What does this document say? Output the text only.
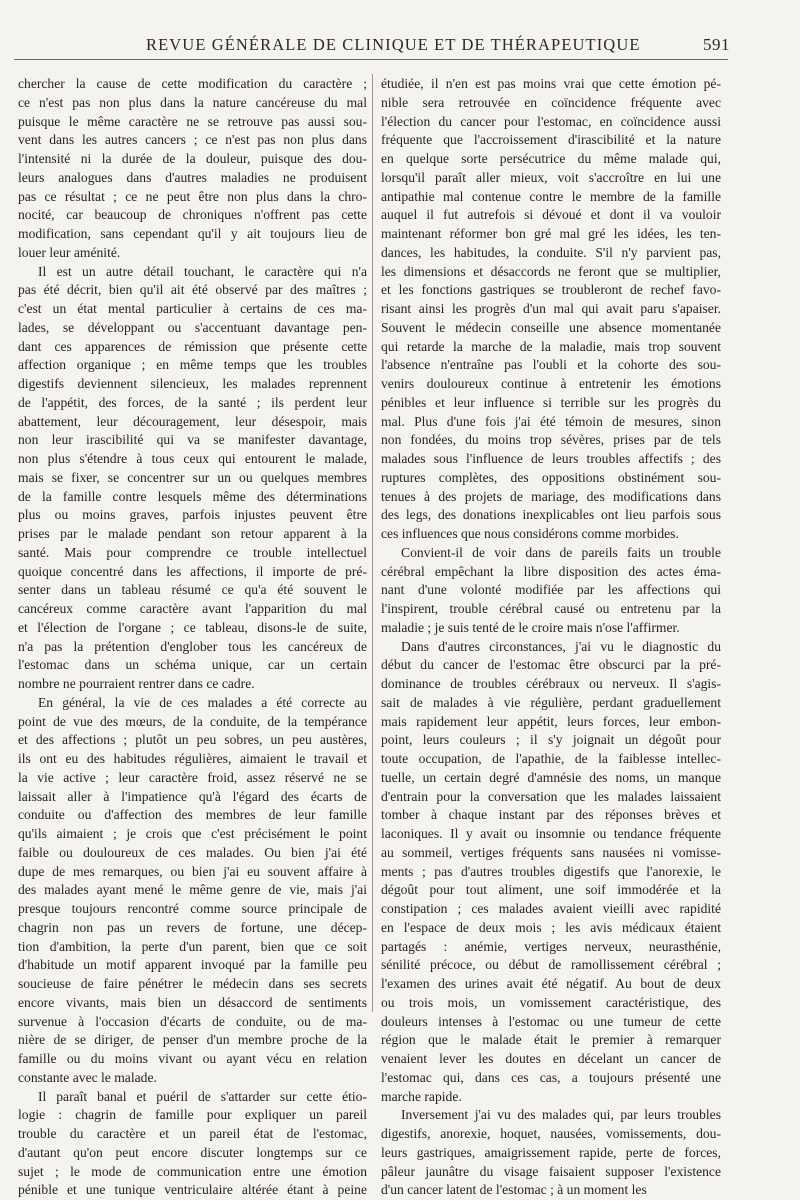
REVUE GÉNÉRALE DE CLINIQUE ET DE THÉRAPEUTIQUE	591
chercher la cause de cette modification du caractère ;
ce n'est pas non plus dans la nature cancéreuse du mal
puisque le même caractère ne se retrouve pas aussi sou-
vent dans les autres cancers ; ce n'est pas non plus dans
l'intensité ni la durée de la douleur, puisque des dou-
leurs analogues dans d'autres maladies ne produisent
pas ce résultat ; ce ne peut être non plus dans la chro-
nocité, car beaucoup de chroniques n'offrent pas cette
modification, sans cependant qu'il y ait toujours lieu de
louer leur aménité.
Il est un autre détail touchant, le caractère qui n'a
pas été décrit, bien qu'il ait été observé par des maîtres ;
c'est un état mental particulier à certains de ces ma-
lades, se développant ou s'accentuant davantage pen-
dant ces apparences de rémission que présente cette
affection organique ; en même temps que les troubles
digestifs deviennent silencieux, les malades reprennent
de l'appétit, des forces, de la santé ; ils perdent leur
abattement, leur découragement, leur désespoir, mais
non leur irascibilité qui va se manifester davantage,
non plus s'étendre à tous ceux qui entourent le malade,
mais se fixer, se concentrer sur un ou quelques membres
de la famille contre lesquels même des déterminations
plus ou moins graves, parfois injustes peuvent être
prises par le malade pendant son retour apparent à la
santé. Mais pour comprendre ce trouble intellectuel
quoique concentré dans les affections, il importe de pré-
senter dans un tableau résumé ce qu'a été souvent le
cancéreux comme caractère avant l'apparition du mal
et l'élection de l'organe ; ce tableau, disons-le de suite,
n'a pas la prétention d'englober tous les cancéreux de
l'estomac dans un schéma unique, car un certain
nombre ne pourraient rentrer dans ce cadre.
En général, la vie de ces malades a été correcte au
point de vue des mœurs, de la conduite, de la tempérance
et des affections ; plutôt un peu sobres, un peu austères,
ils ont eu des habitudes régulières, aimaient le travail et
la vie active ; leur caractère froid, assez réservé ne se
laissait aller à l'impatience qu'à l'égard des écarts de
conduite ou d'affection des membres de leur famille
qu'ils aimaient ; je crois que c'est précisément le point
faible ou douloureux de ces malades. Ou bien j'ai été
dupe de mes remarques, ou bien j'ai eu souvent affaire à
des malades ayant mené le même genre de vie, mais j'ai
presque toujours rencontré comme source principale de
chagrin non pas un revers de fortune, une décep-
tion d'ambition, la perte d'un parent, bien que ce soit
d'habitude un motif apparent invoqué par la famille peu
soucieuse de faire pénétrer le médecin dans ses secrets
encore vivants, mais bien un désaccord de sentiments
survenue à l'occasion d'écarts de conduite, ou de ma-
nière de se diriger, de penser d'un membre proche de la
famille ou du moins vivant ou ayant vécu en relation
constante avec le malade.
Il paraît banal et puéril de s'attarder sur cette étio-
logie : chagrin de famille pour expliquer un pareil
trouble du caractère et un pareil état de l'estomac,
d'autant qu'on peut encore discuter longtemps sur ce
sujet ; le mode de communication entre une émotion
pénible et une tunique ventriculaire altérée étant à peine
étudiée, il n'en est pas moins vrai que cette émotion pé-
nible sera retrouvée en coïncidence fréquente avec
l'élection du cancer pour l'estomac, en coïncidence aussi
fréquente que l'accroissement d'irascibilité et la nature
en quelque sorte persécutrice du même malade qui,
lorsqu'il paraît aller mieux, voit s'accroître en lui une
antipathie mal contenue contre le membre de la famille
auquel il fut autrefois si dévoué et dont il va vouloir
maintenant réformer bon gré mal gré les idées, les ten-
dances, les habitudes, la conduite. S'il n'y parvient pas,
les dimensions et désaccords ne feront que se multiplier,
et les fonctions gastriques se troubleront de rechef favo-
risant ainsi les progrès d'un mal qui avait paru s'apaiser.
Souvent le médecin conseille une absence momentanée
qui retarde la marche de la maladie, mais trop souvent
l'absence n'entraîne pas l'oubli et la cohorte des sou-
venirs douloureux continue à entretenir les émotions
pénibles et leur influence si terrible sur les progrès du
mal. Plus d'une fois j'ai été témoin de mesures, sinon
non fondées, du moins trop sévères, prises par de tels
malades sous l'influence de leurs troubles affectifs ; des
ruptures complètes, des oppositions obstinément sou-
tenues à des projets de mariage, des modifications dans
des legs, des donations inexplicables ont lieu parfois sous
ces influences que nous considérons comme morbides.
Convient-il de voir dans de pareils faits un trouble
cérébral empêchant la libre disposition des actes éma-
nant d'une volonté modifiée par les affections qui
l'inspirent, trouble cérébral causé ou entretenu par la
maladie ; je suis tenté de le croire mais n'ose l'affirmer.
Dans d'autres circonstances, j'ai vu le diagnostic du
début du cancer de l'estomac être obscurci par la pré-
dominance de troubles cérébraux ou nerveux. Il s'agis-
sait de malades à vie régulière, perdant graduellement
mais rapidement leur appétit, leurs forces, leur embon-
point, leurs couleurs ; il s'y joignait un dégoût pour
toute occupation, de l'apathie, de la faiblesse intellec-
tuelle, un certain degré d'amnésie des noms, un manque
d'entrain pour la conversation que les malades laissaient
tomber à chaque instant par des réponses brèves et
laconiques. Il y avait ou insomnie ou tendance fréquente
au sommeil, vertiges fréquents sans nausées ni vomisse-
ments ; pas d'autres troubles digestifs que l'anorexie, le
dégoût pour tout aliment, une soif immodérée et la
constipation ; ces malades avaient vieilli avec rapidité
en l'espace de deux mois ; les avis médicaux étaient
partagés : anémie, vertiges nerveux, neurasthénie,
sénilité précoce, ou début de ramollissement cérébral ;
l'examen des urines avait été négatif. Au bout de deux
ou trois mois, un vomissement caractéristique, des
douleurs intenses à l'estomac ou une tumeur de cette
région que le malade était le premier à remarquer
venaient lever les doutes en décelant un cancer de
l'estomac qui, dans ces cas, a toujours présenté une
marche rapide.
Inversement j'ai vu des malades qui, par leurs troubles
digestifs, anorexie, hoquet, nausées, vomissements, dou-
leurs gastriques, amaigrissement rapide, perte de forces,
pâleur jaunâtre du visage faisaient supposer l'existence
d'un cancer latent de l'estomac ; à un moment les
